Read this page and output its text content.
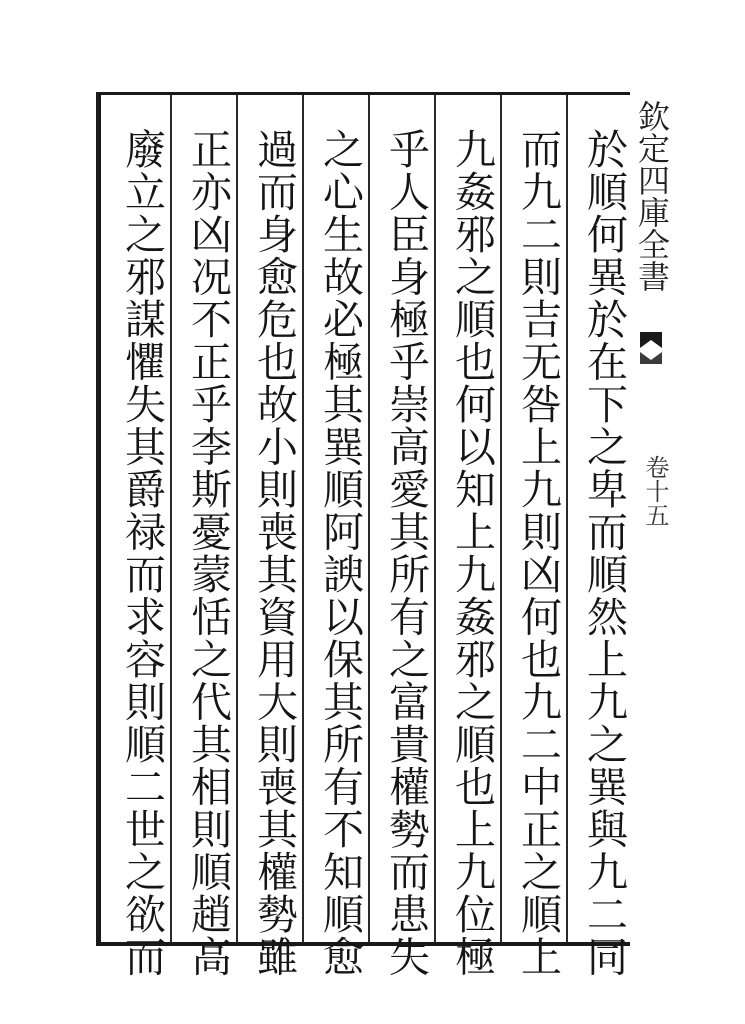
於順何異於在下之卑而順然上九之巽與九二同
而九二則吉无咎上九則凶何也九二中正之順上
九姦邪之順也何以知上九姦邪之順也上九位極
乎人臣身極乎崇高愛其所有之富貴權勢而患失
之心生故必極其巽順阿諛以保其所有不知順愈
過而身愈危也故小則喪其資用大則喪其權勢雖
正亦凶况不正乎李斯憂蒙恬之代其相則順趙高
廢立之邪謀懼失其爵禄而求容則順二世之欲而	欽定四庫全書
卷十五
